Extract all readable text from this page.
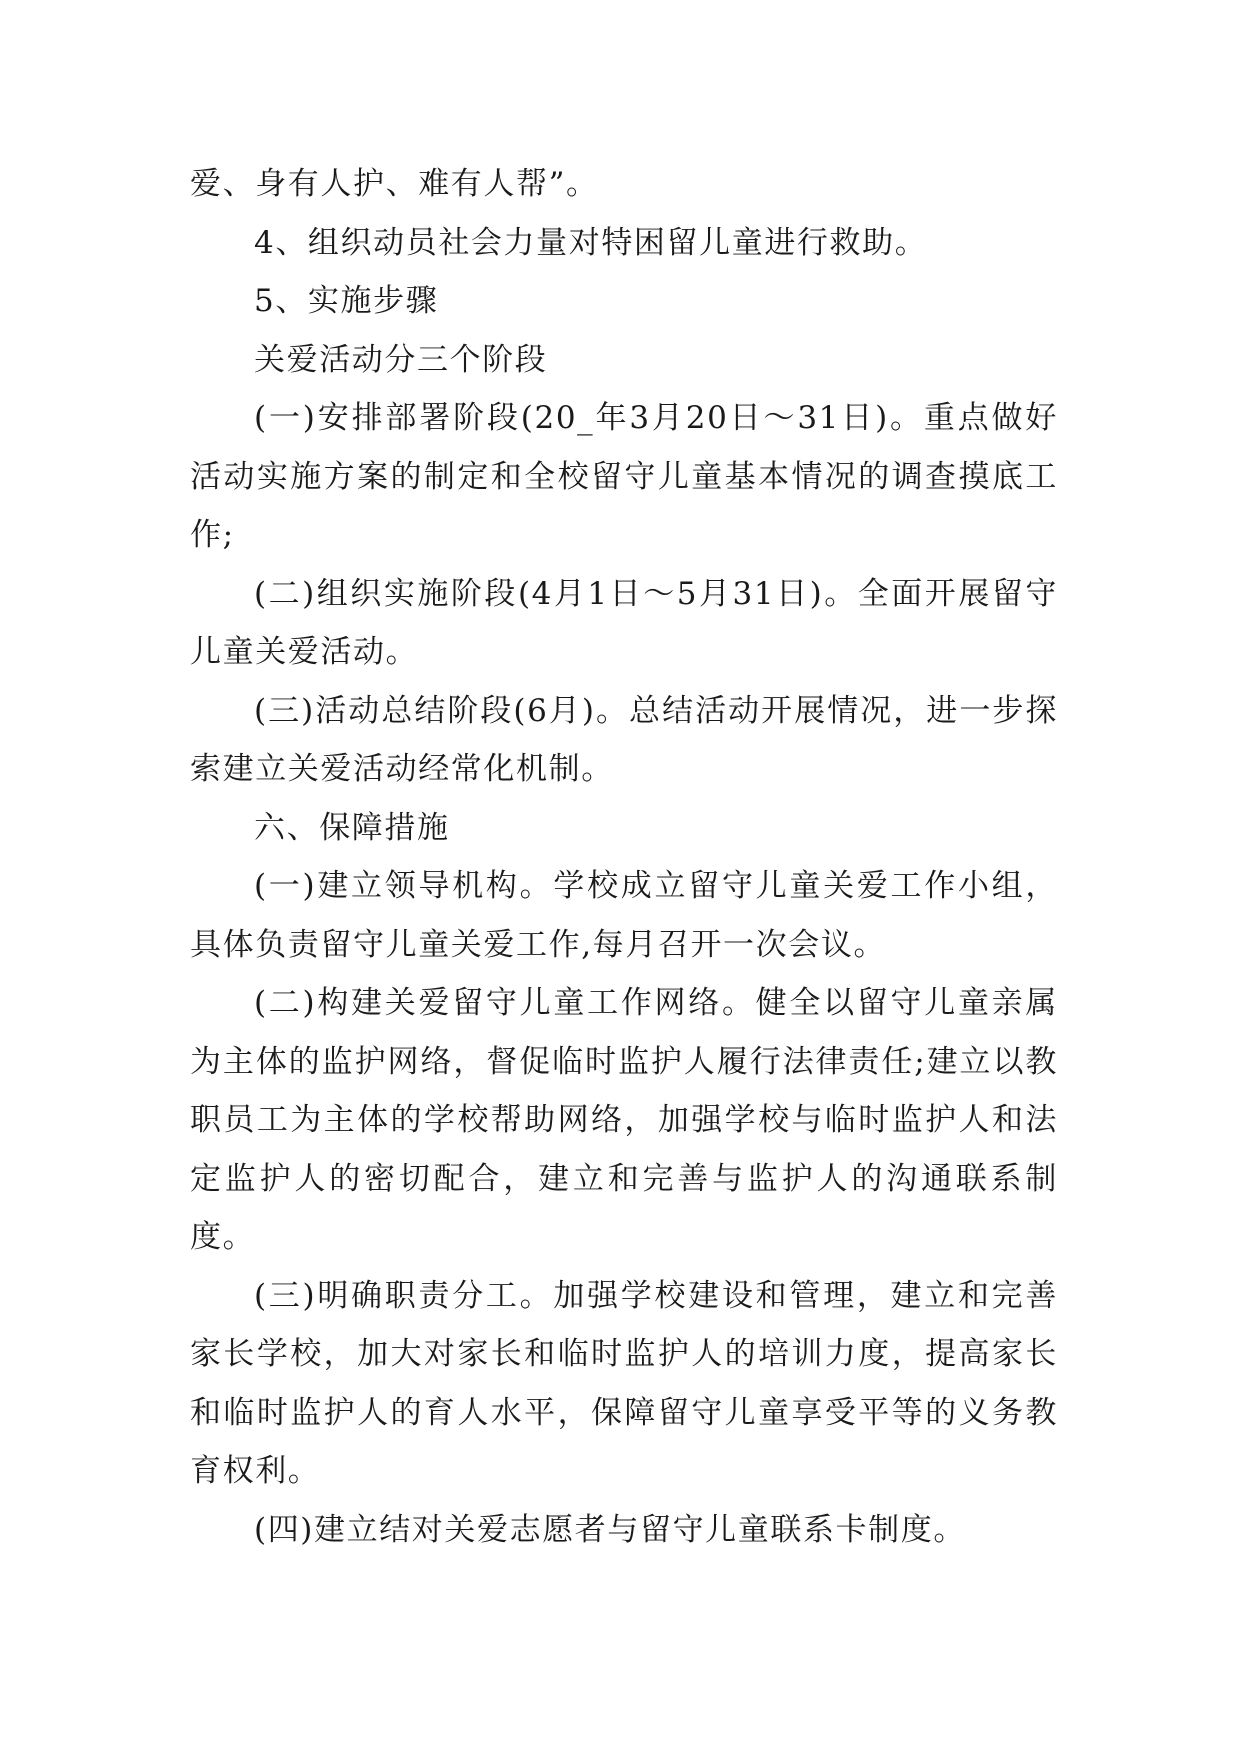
爱、身有人护、难有人帮”。

4、组织动员社会力量对特困留儿童进行救助。

5、实施步骤

关爱活动分三个阶段

(一)安排部署阶段(20_年3月20日～31日)。重点做好活动实施方案的制定和全校留守儿童基本情况的调查摸底工作;

(二)组织实施阶段(4月1日～5月31日)。全面开展留守儿童关爱活动。

(三)活动总结阶段(6月)。总结活动开展情况，进一步探索建立关爱活动经常化机制。

六、保障措施

(一)建立领导机构。学校成立留守儿童关爱工作小组，具体负责留守儿童关爱工作,每月召开一次会议。

(二)构建关爱留守儿童工作网络。健全以留守儿童亲属为主体的监护网络，督促临时监护人履行法律责任;建立以教职员工为主体的学校帮助网络，加强学校与临时监护人和法定监护人的密切配合，建立和完善与监护人的沟通联系制度。

(三)明确职责分工。加强学校建设和管理，建立和完善家长学校，加大对家长和临时监护人的培训力度，提高家长和临时监护人的育人水平，保障留守儿童享受平等的义务教育权利。

(四)建立结对关爱志愿者与留守儿童联系卡制度。
